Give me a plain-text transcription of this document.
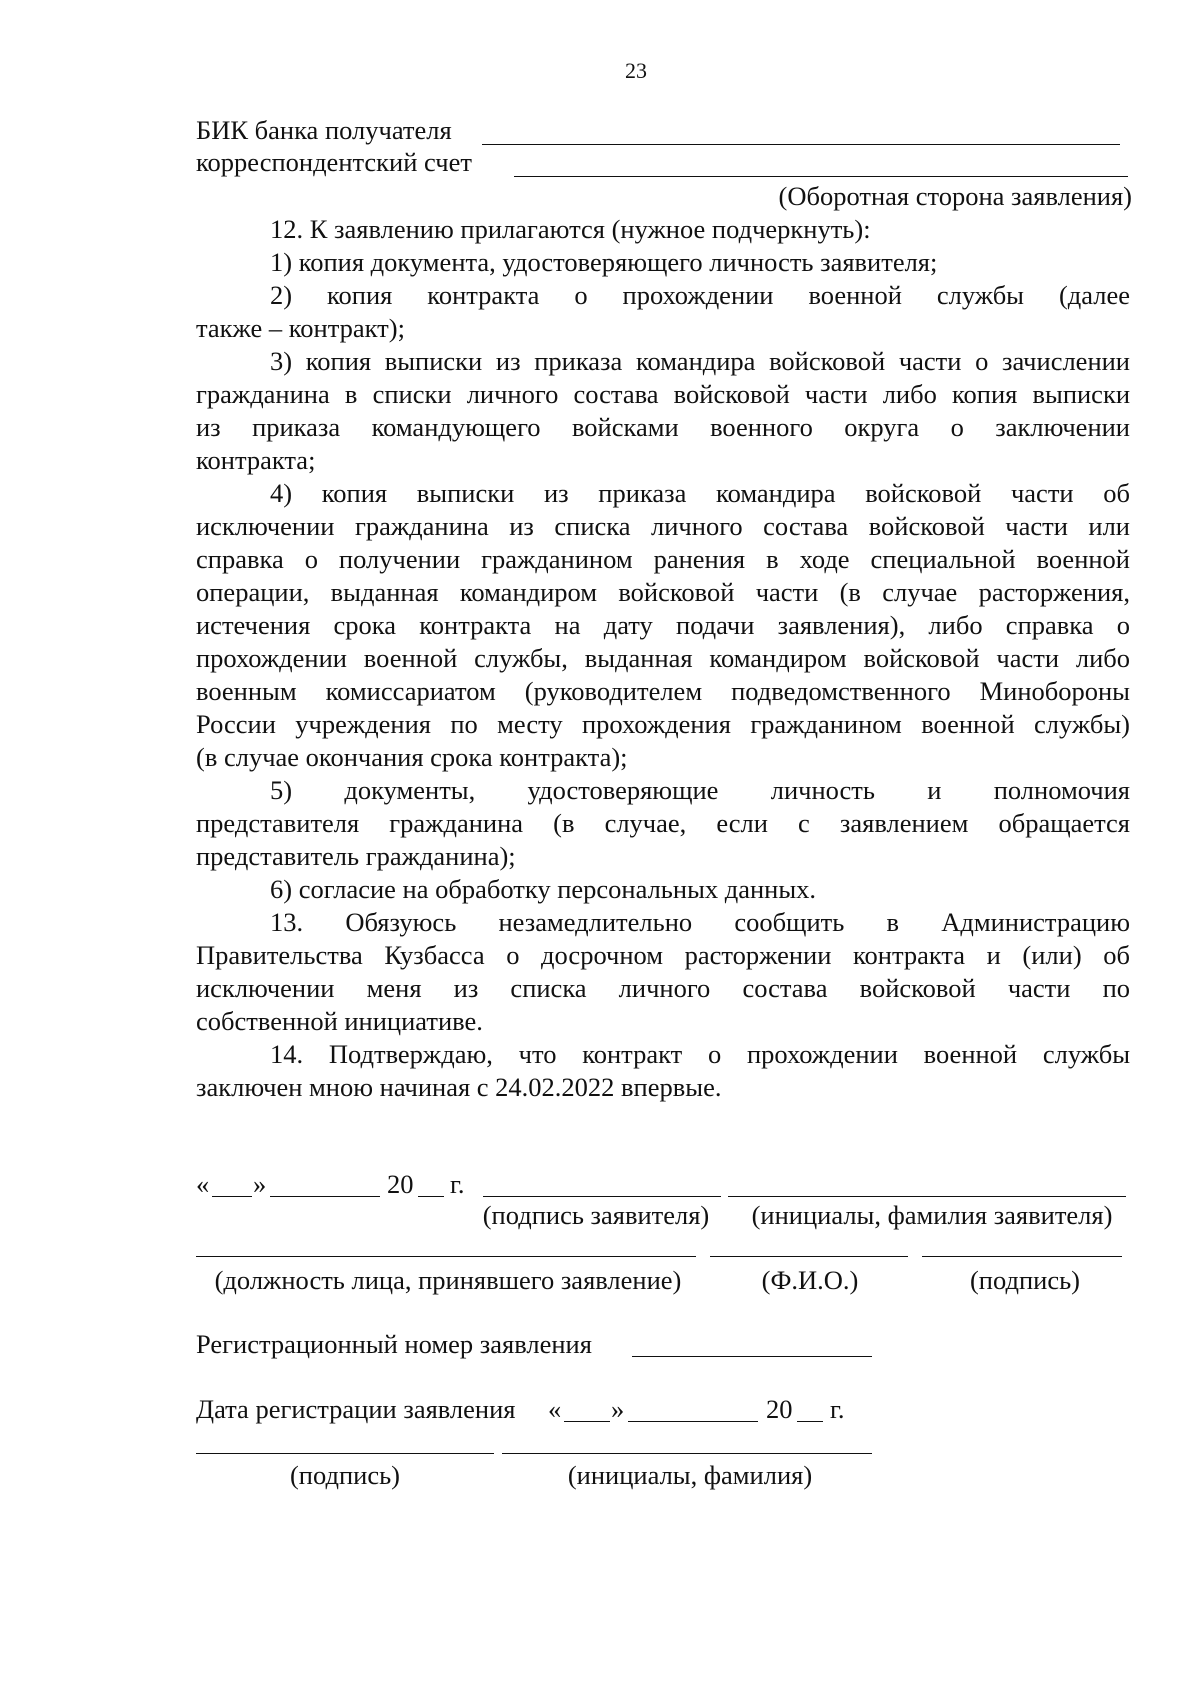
23
БИК банка получателя
корреспондентский счет
(Оборотная сторона заявления)
12. К заявлению прилагаются (нужное подчеркнуть):
1) копия документа, удостоверяющего личность заявителя;
2) копия контракта о прохождении военной службы (далее
также – контракт);
3) копия выписки из приказа командира войсковой части о зачислении
гражданина в списки личного состава войсковой части либо копия выписки
из приказа командующего войсками военного округа о заключении
контракта;
4) копия выписки из приказа командира войсковой части об
исключении гражданина из списка личного состава войсковой части или
справка о получении гражданином ранения в ходе специальной военной
операции, выданная командиром войсковой части (в случае расторжения,
истечения срока контракта на дату подачи заявления), либо справка о
прохождении военной службы, выданная командиром войсковой части либо
военным комиссариатом (руководителем подведомственного Минобороны
России учреждения по месту прохождения гражданином военной службы)
(в случае окончания срока контракта);
5) документы, удостоверяющие личность и полномочия
представителя гражданина (в случае, если с заявлением обращается
представитель гражданина);
6) согласие на обработку персональных данных.
13. Обязуюсь незамедлительно сообщить в Администрацию
Правительства Кузбасса о досрочном расторжении контракта и (или) об
исключении меня из списка личного состава войсковой части по
собственной инициативе.
14. Подтверждаю, что контракт о прохождении военной службы
заключен мною начиная с 24.02.2022 впервые.
« »	20 г.
(подпись заявителя)	(инициалы, фамилия заявителя)
(должность лица, принявшего заявление)	(Ф.И.О.)	(подпись)
Регистрационный номер заявления
Дата регистрации заявления « »	20 г.
(подпись)	(инициалы, фамилия)
